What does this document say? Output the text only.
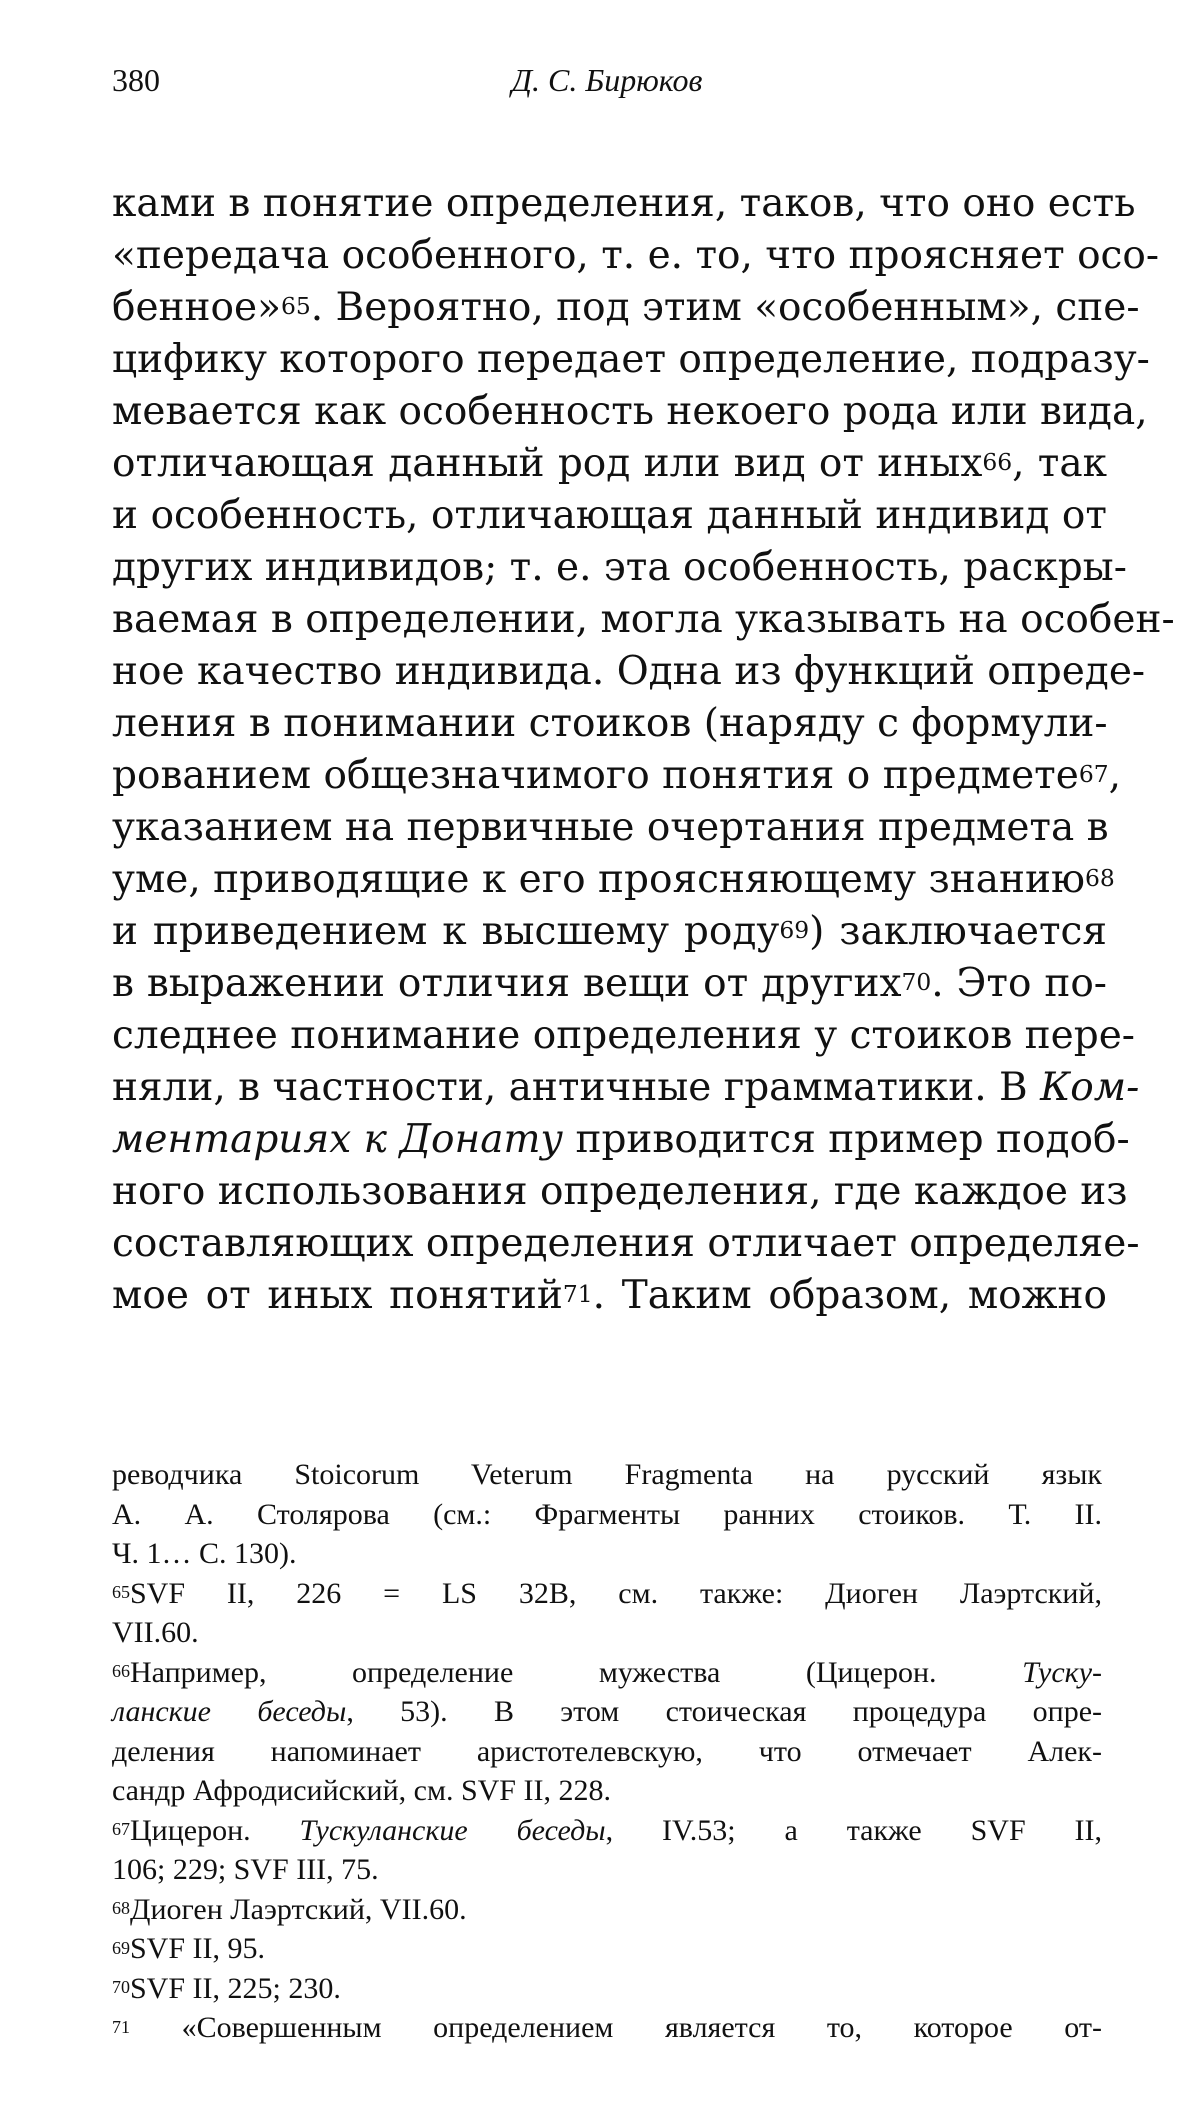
380	Д. С. Бирюков
ками в понятие определения, таков, что оно есть
«передача особенного, т. е. то, что проясняет осо-
бенное»$^{65}$. Вероятно, под этим «особенным», спе-
цифику которого передает определение, подразу-
мевается как особенность некоего рода или вида,
отличающая данный род или вид от иных$^{66}$, так
и особенность, отличающая данный индивид от
других индивидов; т. е. эта особенность, раскры-
ваемая в определении, могла указывать на особен-
ное качество индивида. Одна из функций опреде-
ления в понимании стоиков (наряду с формули-
рованием общезначимого понятия о предмете$^{67}$,
указанием на первичные очертания предмета в
уме, приводящие к его проясняющему знанию$^{68}$
и приведением к высшему роду$^{69}$) заключается
в выражении отличия вещи от других$^{70}$. Это по-
следнее понимание определения у стоиков пере-
няли, в частности, античные грамматики. В Ком-
ментариях к Донату приводится пример подоб-
ного использования определения, где каждое из
составляющих определения отличает определяе-
мое от иных понятий$^{71}$. Таким образом, можно
реводчика Stoicorum Veterum Fragmenta на русский язык
А. А. Столярова (см.: Фрагменты ранних стоиков. Т. II.
Ч. 1… С. 130).
$^{65}$SVF II, 226 = LS 32B, см. также: Диоген Лаэртский,
VII.60.
$^{66}$Например, определение мужества (Цицерон. Туску-
ланские беседы, 53). В этом стоическая процедура опре-
деления напоминает аристотелевскую, что отмечает Алек-
сандр Афродисийский, см. SVF II, 228.
$^{67}$Цицерон. Тускуланские беседы, IV.53; а также SVF II,
106; 229; SVF III, 75.
$^{68}$Диоген Лаэртский, VII.60.
$^{69}$SVF II, 95.
$^{70}$SVF II, 225; 230.
$^{71}$ «Совершенным определением является то, которое от-
